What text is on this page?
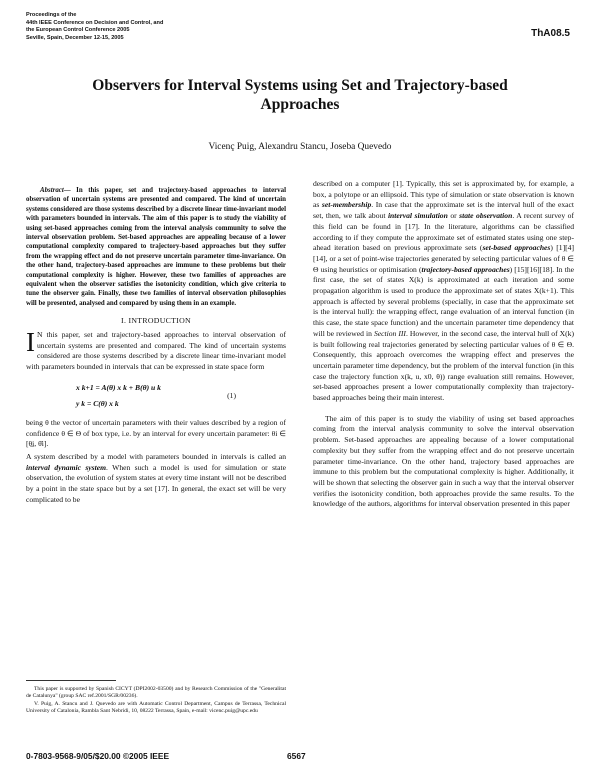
Proceedings of the
44th IEEE Conference on Decision and Control, and
the European Control Conference 2005
Seville, Spain, December 12-15, 2005	ThA08.5
Observers for Interval Systems using Set and Trajectory-based
Approaches
Vicenç Puig, Alexandru Stancu, Joseba Quevedo

Abstract— In this paper, set and trajectory-based approaches to interval observation of uncertain systems are presented and compared. The kind of uncertain systems considered are those systems described by a discrete linear time-invariant model with parameters bounded in intervals. The aim of this paper is to study the viability of using set-based approaches coming from the interval analysis community to solve the interval observation problem. Set-based approaches are appealing because of a lower computational complexity compared to trajectory-based approaches but they suffer from the wrapping effect and do not preserve uncertain parameter time-invariance. On the other hand, trajectory-based approaches are immune to these problems but their computational complexity is higher. However, these two families of approaches are equivalent when the observer satisfies the isotonicity condition, which give criteria to tune the observer gain. Finally, these two families of interval observation philosophies will be presented, analysed and compared by using them in an example.

I. INTRODUCTION

I N this paper, set and trajectory-based approaches to interval observation of uncertain systems are presented and compared. The kind of uncertain systems considered are those systems described by a discrete linear time-invariant model with parameters bounded in intervals that can be expressed in state space form

x k+1 = A(θ) x k + B(θ) u k
y k = C(θ) x k
(1)

being θ the vector of uncertain parameters with their values described by a region of confidence θ ∈ Θ of box type, i.e. by an interval for every uncertain parameter: θi ∈ [θ̲i, θ̄i].

A system described by a model with parameters bounded in intervals is called an interval dynamic system. When such a model is used for simulation or state observation, the evolution of system states at every time instant will not be described by a point in the state space but by a set [17]. In general, the exact set will be very complicated to be

described on a computer [1]. Typically, this set is approximated by, for example, a box, a polytope or an ellipsoid. This type of simulation or state observation is known as set-membership. In case that the approximate set is the interval hull of the exact set, then, we talk about interval simulation or state observation. A recent survey of this field can be found in [17]. In the literature, algorithms can be classified according to if they compute the approximate set of estimated states using one step-ahead iteration based on previous approximate sets (set-based approaches) [1][4][14], or a set of point-wise trajectories generated by selecting particular values of θ ∈ Θ using heuristics or optimisation (trajectory-based approaches) [15][16][18]. In the first case, the set of states X(k) is approximated at each iteration and some propagation algorithm is used to produce the approximate set of states X(k+1). This approach is affected by several problems (specially, in case that the approximate set is the interval hull): the wrapping effect, range evaluation of an interval function (in this case, the state space function) and the uncertain parameter time dependency that will be reviewed in Section III. However, in the second case, the interval hull of X(k) is built following real trajectories generated by selecting particular values of θ ∈ Θ. Consequently, this approach overcomes the wrapping effect and preserves the uncertain parameter time dependency, but the problem of the interval function (in this case the trajectory function x(k, u, x0, θ)) range evaluation still remains. However, set-based approaches present a lower computationally complexity than trajectory-based approaches being their main interest.

The aim of this paper is to study the viability of using set based approaches coming from the interval analysis community to solve the interval observation problem. Set-based approaches are appealing because of a lower computational complexity but they suffer from the wrapping effect and do not preserve uncertain parameter time-invariance. On the other hand, trajectory based approaches are immune to this problem but the computational complexity is higher. Additionally, it will be shown that selecting the observer gain in such a way that the interval observer verifies the isotonicity condition, both approaches provide the same results. To the knowledge of the authors, algorithms for interval observation presented in this paper

This paper is supported by Spanish CICYT (DPI2002-03500) and by Research Commission of the "Generalitat de Catalunya" (group SAC ref.2001/SGR/00236).

V. Puig, A. Stancu and J. Quevedo are with Automatic Control Department, Campus de Terrassa, Technical University of Catalonia, Rambla Sant Nebridi, 10, 08222 Terrassa, Spain, e-mail: vicenc.puig@upc.edu

0-7803-9568-9/05/$20.00 ©2005 IEEE	6567
